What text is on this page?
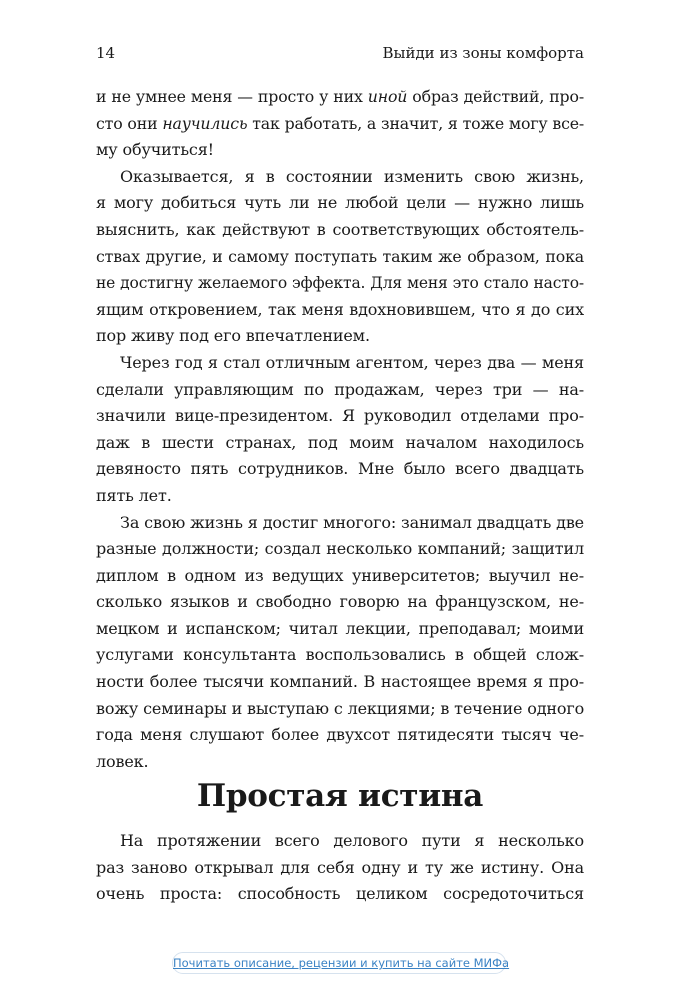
14	Выйди из зоны комфорта
и не умнее меня — просто у них иной образ действий, про-
сто они научились так работать, а значит, я тоже могу все-
му обучиться!
Оказывается, я в состоянии изменить свою жизнь,
я могу добиться чуть ли не любой цели — нужно лишь
выяснить, как действуют в соответствующих обстоятель-
ствах другие, и самому поступать таким же образом, пока
не достигну желаемого эффекта. Для меня это стало насто-
ящим откровением, так меня вдохновившем, что я до сих
пор живу под его впечатлением.
Через год я стал отличным агентом, через два — меня
сделали управляющим по продажам, через три — на-
значили вице-президентом. Я руководил отделами про-
даж в шести странах, под моим началом находилось
девяносто пять сотрудников. Мне было всего двадцать
пять лет.
За свою жизнь я достиг многого: занимал двадцать две
разные должности; создал несколько компаний; защитил
диплом в одном из ведущих университетов; выучил не-
сколько языков и свободно говорю на французском, не-
мецком и испанском; читал лекции, преподавал; моими
услугами консультанта воспользовались в общей слож-
ности более тысячи компаний. В настоящее время я про-
вожу семинары и выступаю с лекциями; в течение одного
года меня слушают более двухсот пятидесяти тысяч че-
ловек.
Простая истина
На протяжении всего делового пути я несколько
раз заново открывал для себя одну и ту же истину. Она
очень проста: способность целиком сосредоточиться
Почитать описание, рецензии и купить на сайте МИФа
